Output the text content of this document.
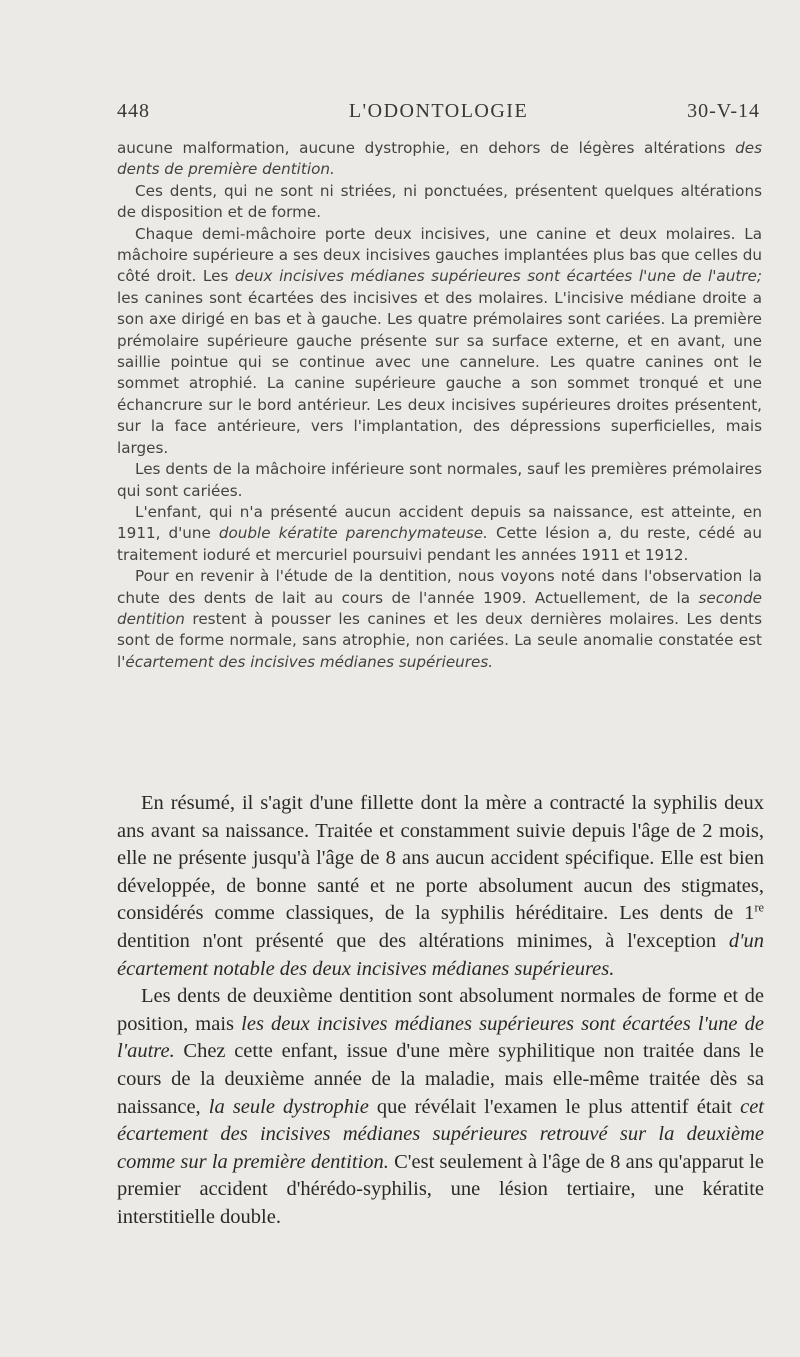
448	L'ODONTOLOGIE	30-V-14

aucune malformation, aucune dystrophie, en dehors de légères altérations des dents de première dentition.

Ces dents, qui ne sont ni striées, ni ponctuées, présentent quelques altérations de disposition et de forme.

Chaque demi-mâchoire porte deux incisives, une canine et deux molaires. La mâchoire supérieure a ses deux incisives gauches implantées plus bas que celles du côté droit. Les deux incisives médianes supérieures sont écartées l'une de l'autre; les canines sont écartées des incisives et des molaires. L'incisive médiane droite a son axe dirigé en bas et à gauche. Les quatre prémolaires sont cariées. La première prémolaire supérieure gauche présente sur sa surface externe, et en avant, une saillie pointue qui se continue avec une cannelure. Les quatre canines ont le sommet atrophié. La canine supérieure gauche a son sommet tronqué et une échancrure sur le bord antérieur. Les deux incisives supérieures droites présentent, sur la face antérieure, vers l'implantation, des dépressions superficielles, mais larges.

Les dents de la mâchoire inférieure sont normales, sauf les premières prémolaires qui sont cariées.

L'enfant, qui n'a présenté aucun accident depuis sa naissance, est atteinte, en 1911, d'une double kératite parenchymateuse. Cette lésion a, du reste, cédé au traitement ioduré et mercuriel poursuivi pendant les années 1911 et 1912.

Pour en revenir à l'étude de la dentition, nous voyons noté dans l'observation la chute des dents de lait au cours de l'année 1909. Actuellement, de la seconde dentition restent à pousser les canines et les deux dernières molaires. Les dents sont de forme normale, sans atrophie, non cariées. La seule anomalie constatée est l'écartement des incisives médianes supérieures.

En résumé, il s'agit d'une fillette dont la mère a contracté la syphilis deux ans avant sa naissance. Traitée et constamment suivie depuis l'âge de 2 mois, elle ne présente jusqu'à l'âge de 8 ans aucun accident spécifique. Elle est bien développée, de bonne santé et ne porte absolument aucun des stigmates, considérés comme classiques, de la syphilis héréditaire. Les dents de 1re dentition n'ont présenté que des altérations minimes, à l'exception d'un écartement notable des deux incisives médianes supérieures.

Les dents de deuxième dentition sont absolument normales de forme et de position, mais les deux incisives médianes supérieures sont écartées l'une de l'autre. Chez cette enfant, issue d'une mère syphilitique non traitée dans le cours de la deuxième année de la maladie, mais elle-même traitée dès sa naissance, la seule dystrophie que révélait l'examen le plus attentif était cet écartement des incisives médianes supérieures retrouvé sur la deuxième comme sur la première dentition. C'est seulement à l'âge de 8 ans qu'apparut le premier accident d'hérédo-syphilis, une lésion tertiaire, une kératite interstitielle double.
